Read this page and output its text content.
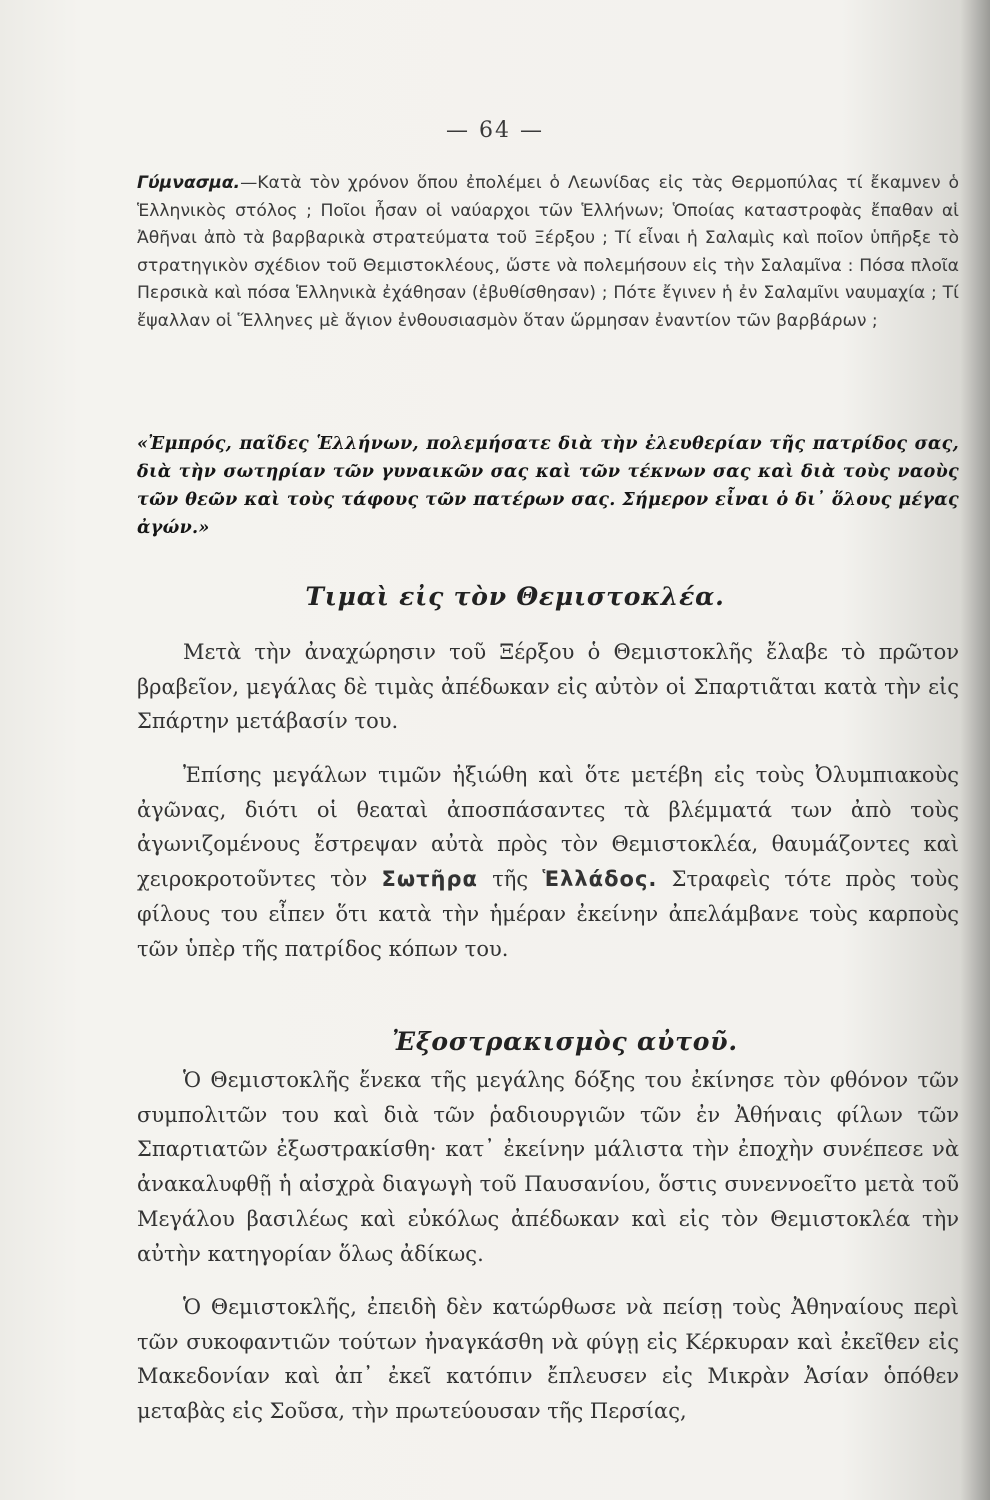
— 64 —
Γύμνασμα.—Κατὰ τὸν χρόνον ὅπου ἐπολέμει ὁ Λεωνίδας εἰς τὰς Θερμοπύλας τί ἔκαμνεν ὁ Ἑλληνικὸς στόλος ; Ποῖοι ἦσαν οἱ ναύαρχοι τῶν Ἑλλήνων; Ὁποίας καταστροφὰς ἔπαθαν αἱ Ἀθῆναι ἀπὸ τὰ βαρβαρικὰ στρατεύματα τοῦ Ξέρξου ; Τί εἶναι ἡ Σαλαμὶς καὶ ποῖον ὑπῆρξε τὸ στρατηγικὸν σχέδιον τοῦ Θεμιστοκλέους, ὥστε νὰ πολεμήσουν εἰς τὴν Σαλαμῖνα : Πόσα πλοῖα Περσικὰ καὶ πόσα Ἑλληνικὰ ἐχάθησαν (ἐβυθίσθησαν) ; Πότε ἔγινεν ἡ ἐν Σαλαμῖνι ναυμαχία ; Τί ἔψαλλαν οἱ Ἕλληνες μὲ ἅγιον ἐνθουσιασμὸν ὅταν ὥρμησαν ἐναντίον τῶν βαρβάρων ;
«Ἐμπρός, παῖδες Ἑλλήνων, πολεμήσατε διὰ τὴν ἐλευθερίαν τῆς πατρίδος σας, διὰ τὴν σωτηρίαν τῶν γυναικῶν σας καὶ τῶν τέκνων σας καὶ διὰ τοὺς ναοὺς τῶν θεῶν καὶ τοὺς τάφους τῶν πατέρων σας. Σήμερον εἶναι ὁ δι᾽ ὅλους μέγας ἀγών.»
Τιμαὶ εἰς τὸν Θεμιστοκλέα.
Μετὰ τὴν ἀναχώρησιν τοῦ Ξέρξου ὁ Θεμιστοκλῆς ἔλαβε τὸ πρῶτον βραβεῖον, μεγάλας δὲ τιμὰς ἀπέδωκαν εἰς αὐτὸν οἱ Σπαρτιᾶται κατὰ τὴν εἰς Σπάρτην μετάβασίν του.
Ἐπίσης μεγάλων τιμῶν ἠξιώθη καὶ ὅτε μετέβη εἰς τοὺς Ὀλυμπιακοὺς ἀγῶνας, διότι οἱ θεαταὶ ἀποσπάσαντες τὰ βλέμματά των ἀπὸ τοὺς ἀγωνιζομένους ἔστρεψαν αὐτὰ πρὸς τὸν Θεμιστοκλέα, θαυμάζοντες καὶ χειροκροτοῦντες τὸν Σωτῆρα τῆς Ἑλλάδος. Στραφεὶς τότε πρὸς τοὺς φίλους του εἶπεν ὅτι κατὰ τὴν ἡμέραν ἐκείνην ἀπελάμβανε τοὺς καρποὺς τῶν ὑπὲρ τῆς πατρίδος κόπων του.
Ἐξοστρακισμὸς αὐτοῦ.
Ὁ Θεμιστοκλῆς ἕνεκα τῆς μεγάλης δόξης του ἐκίνησε τὸν φθόνον τῶν συμπολιτῶν του καὶ διὰ τῶν ῥαδιουργιῶν τῶν ἐν Ἀθήναις φίλων τῶν Σπαρτιατῶν ἐξωστρακίσθη· κατ᾽ ἐκείνην μάλιστα τὴν ἐποχὴν συνέπεσε νὰ ἀνακαλυφθῇ ἡ αἰσχρὰ διαγωγὴ τοῦ Παυσανίου, ὅστις συνεννοεῖτο μετὰ τοῦ Μεγάλου βασιλέως καὶ εὐκόλως ἀπέδωκαν καὶ εἰς τὸν Θεμιστοκλέα τὴν αὐτὴν κατηγορίαν ὅλως ἀδίκως.
Ὁ Θεμιστοκλῆς, ἐπειδὴ δὲν κατώρθωσε νὰ πείσῃ τοὺς Ἀθηναίους περὶ τῶν συκοφαντιῶν τούτων ἠναγκάσθη νὰ φύγῃ εἰς Κέρκυραν καὶ ἐκεῖθεν εἰς Μακεδονίαν καὶ ἀπ᾽ ἐκεῖ κατόπιν ἔπλευσεν εἰς Μικρὰν Ἀσίαν ὁπόθεν μεταβὰς εἰς Σοῦσα, τὴν πρωτεύουσαν τῆς Περσίας,
